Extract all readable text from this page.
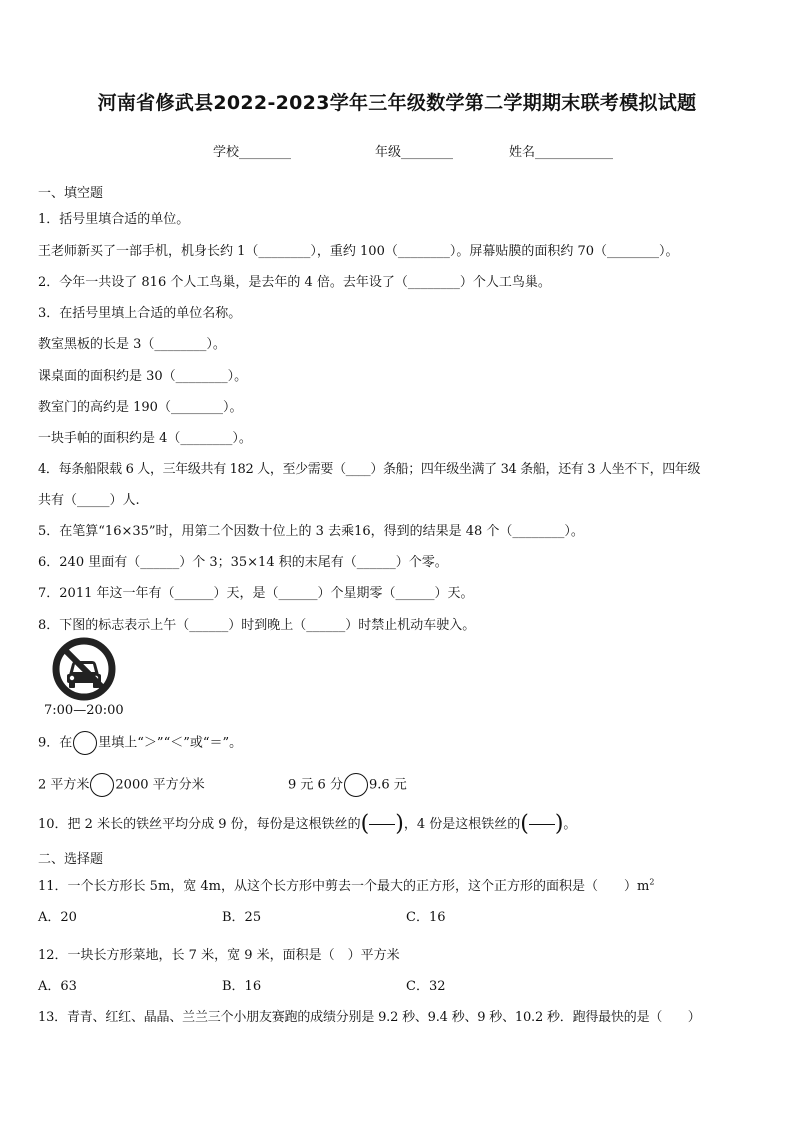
河南省修武县2022-2023学年三年级数学第二学期期末联考模拟试题
学校________	年级________	姓名____________
一、填空题
1．括号里填合适的单位。
王老师新买了一部手机，机身长约 1（________），重约 100（________）。屏幕贴膜的面积约 70（________）。
2．今年一共设了 816 个人工鸟巢，是去年的 4 倍。去年设了（________）个人工鸟巢。
3．在括号里填上合适的单位名称。
教室黑板的长是 3（________）。
课桌面的面积约是 30（________）。
教室门的高约是 190（________）。
一块手帕的面积约是 4（________）。
4．每条船限载 6 人，三年级共有 182 人，至少需要（____）条船；四年级坐满了 34 条船，还有 3 人坐不下，四年级
共有（_____）人.
5．在笔算“16×35”时，用第二个因数十位上的 3 去乘16，得到的结果是 48 个（________）。
6．240 里面有（______）个 3；35×14 积的末尾有（______）个零。
7．2011 年这一年有（______）天，是（______）个星期零（______）天。
8．下图的标志表示上午（______）时到晚上（______）时禁止机动车驶入。
7:00—20:00
9．在 里填上“＞”“＜”或“＝”。
2 平方米 2000 平方分米	9 元 6 分 9.6 元
10．把 2 米长的铁丝平均分成 9 份，每份是这根铁丝的( )，4 份是这根铁丝的( )。
二、选择题
11．一个长方形长 5m，宽 4m，从这个长方形中剪去一个最大的正方形，这个正方形的面积是（　　）$m^2$
A．20	B．25	C．16
12．一块长方形菜地，长 7 米，宽 9 米，面积是（　）平方米
A．63	B．16	C．32
13．青青、红红、晶晶、兰兰三个小朋友赛跑的成绩分别是 9.2 秒、9.4 秒、9 秒、10.2 秒．跑得最快的是（　　）
